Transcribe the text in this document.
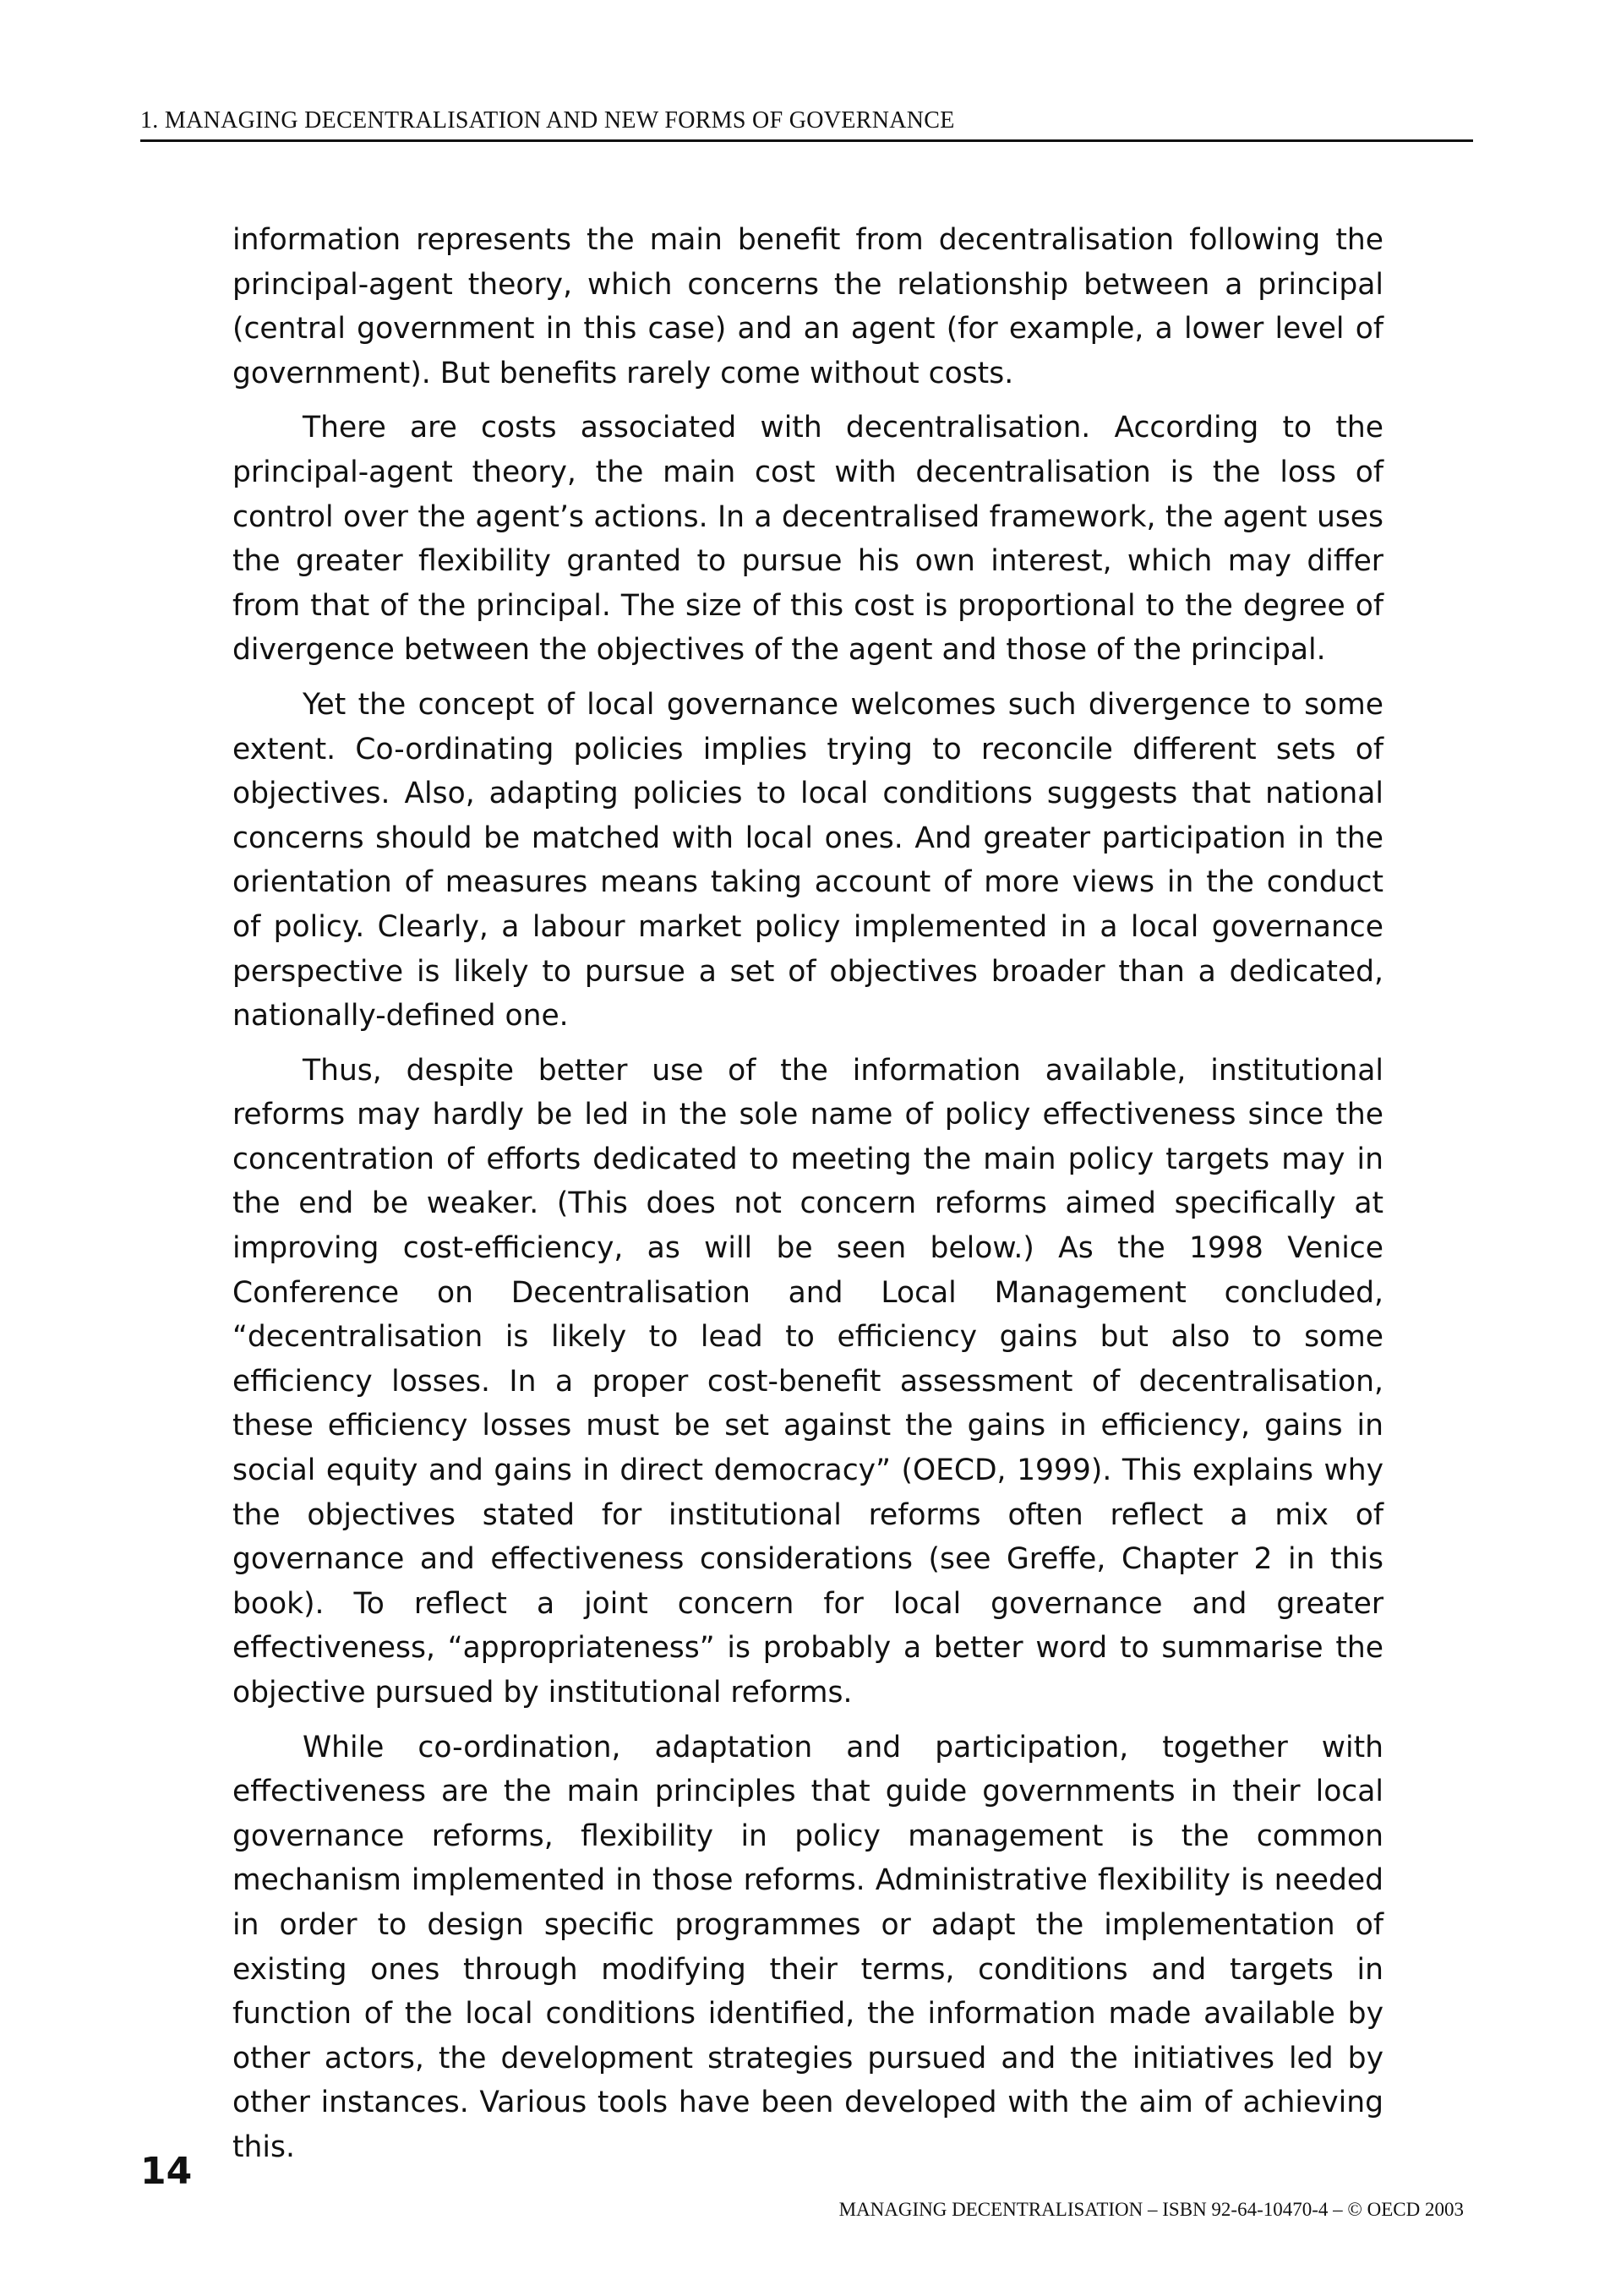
1. MANAGING DECENTRALISATION AND NEW FORMS OF GOVERNANCE

information represents the main benefit from decentralisation following the principal-agent theory, which concerns the relationship between a principal (central government in this case) and an agent (for example, a lower level of government). But benefits rarely come without costs.

There are costs associated with decentralisation. According to the principal-agent theory, the main cost with decentralisation is the loss of control over the agent’s actions. In a decentralised framework, the agent uses the greater flexibility granted to pursue his own interest, which may differ from that of the principal. The size of this cost is proportional to the degree of divergence between the objectives of the agent and those of the principal.

Yet the concept of local governance welcomes such divergence to some extent. Co-ordinating policies implies trying to reconcile different sets of objectives. Also, adapting policies to local conditions suggests that national concerns should be matched with local ones. And greater participation in the orientation of measures means taking account of more views in the conduct of policy. Clearly, a labour market policy implemented in a local governance perspective is likely to pursue a set of objectives broader than a dedicated, nationally-defined one.

Thus, despite better use of the information available, institutional reforms may hardly be led in the sole name of policy effectiveness since the concentration of efforts dedicated to meeting the main policy targets may in the end be weaker. (This does not concern reforms aimed specifically at improving cost-efficiency, as will be seen below.) As the 1998 Venice Conference on Decentralisation and Local Management concluded, “decentralisation is likely to lead to efficiency gains but also to some efficiency losses. In a proper cost-benefit assessment of decentralisation, these efficiency losses must be set against the gains in efficiency, gains in social equity and gains in direct democracy” (OECD, 1999). This explains why the objectives stated for institutional reforms often reflect a mix of governance and effectiveness considerations (see Greffe, Chapter 2 in this book). To reflect a joint concern for local governance and greater effectiveness, “appropriateness” is probably a better word to summarise the objective pursued by institutional reforms.

While co-ordination, adaptation and participation, together with effectiveness are the main principles that guide governments in their local governance reforms, flexibility in policy management is the common mechanism implemented in those reforms. Administrative flexibility is needed in order to design specific programmes or adapt the implementation of existing ones through modifying their terms, conditions and targets in function of the local conditions identified, the information made available by other actors, the development strategies pursued and the initiatives led by other instances. Various tools have been developed with the aim of achieving this.

14
MANAGING DECENTRALISATION – ISBN 92-64-10470-4 – © OECD 2003
